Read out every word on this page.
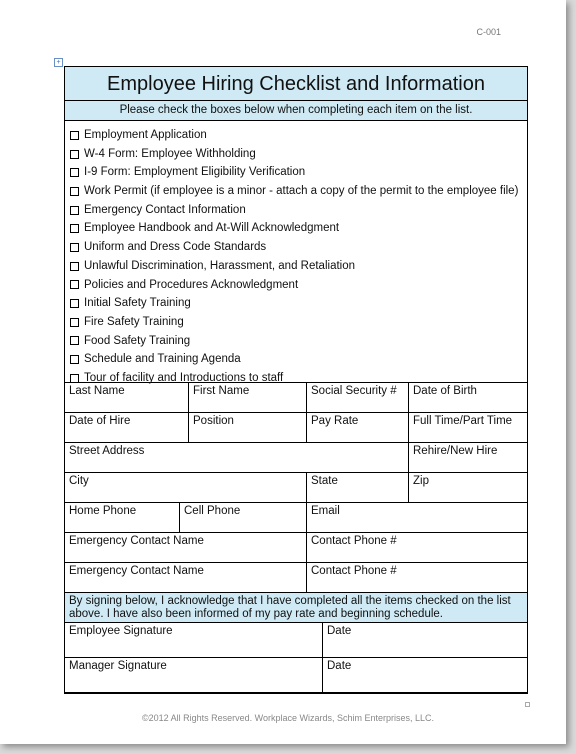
C-001
+
Employee Hiring Checklist and Information
Please check the boxes below when completing each item on the list.
Employment Application
W-4 Form: Employee Withholding
I-9 Form: Employment Eligibility Verification
Work Permit (if employee is a minor - attach a copy of the permit to the employee file)
Emergency Contact Information
Employee Handbook and At-Will Acknowledgment
Uniform and Dress Code Standards
Unlawful Discrimination, Harassment, and Retaliation
Policies and Procedures Acknowledgment
Initial Safety Training
Fire Safety Training
Food Safety Training
Schedule and Training Agenda
Tour of facility and Introductions to staff
Last Name	First Name	Social Security #	Date of Birth
Date of Hire	Position	Pay Rate	Full Time/Part Time
Street Address	Rehire/New Hire
City	State	Zip
Home Phone	Cell Phone	Email
Emergency Contact Name	Contact Phone #
Emergency Contact Name	Contact Phone #
By signing below, I acknowledge that I have completed all the items checked on the list above. I have also been informed of my pay rate and beginning schedule.
Employee Signature	Date
Manager Signature	Date
©2012 All Rights Reserved. Workplace Wizards, Schim Enterprises, LLC.
